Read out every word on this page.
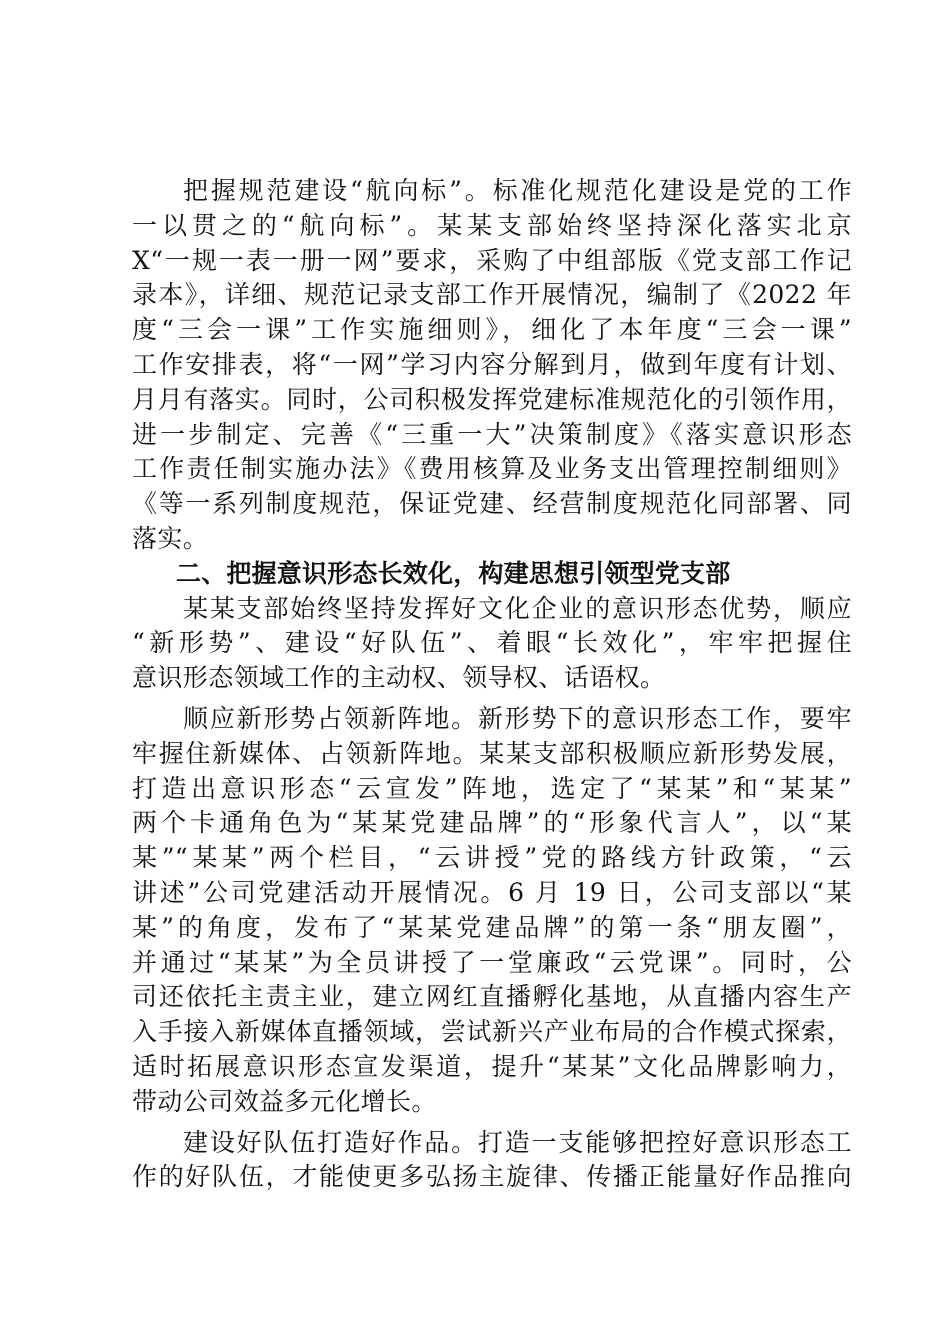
把握规范建设“航向标”。标准化规范化建设是党的工作
一以贯之的“航向标”。某某支部始终坚持深化落实北京
X“一规一表一册一网”要求，采购了中组部版《党支部工作记
录本》，详细、规范记录支部工作开展情况，编制了《2022 年
度“三会一课”工作实施细则》，细化了本年度“三会一课”
工作安排表，将“一网”学习内容分解到月，做到年度有计划、
月月有落实。同时，公司积极发挥党建标准规范化的引领作用，
进一步制定、完善《“三重一大”决策制度》《落实意识形态
工作责任制实施办法》《费用核算及业务支出管理控制细则》
《等一系列制度规范，保证党建、经营制度规范化同部署、同
落实。
二、把握意识形态长效化，构建思想引领型党支部
某某支部始终坚持发挥好文化企业的意识形态优势，顺应
“新形势”、建设“好队伍”、着眼“长效化”，牢牢把握住
意识形态领域工作的主动权、领导权、话语权。
顺应新形势占领新阵地。新形势下的意识形态工作，要牢
牢握住新媒体、占领新阵地。某某支部积极顺应新形势发展，
打造出意识形态“云宣发”阵地，选定了“某某”和“某某”
两个卡通角色为“某某党建品牌”的“形象代言人”，以“某
某”“某某”两个栏目，“云讲授”党的路线方针政策，“云
讲述”公司党建活动开展情况。6 月 19 日，公司支部以“某
某”的角度，发布了“某某党建品牌”的第一条“朋友圈”，
并通过“某某”为全员讲授了一堂廉政“云党课”。同时，公
司还依托主责主业，建立网红直播孵化基地，从直播内容生产
入手接入新媒体直播领域，尝试新兴产业布局的合作模式探索，
适时拓展意识形态宣发渠道，提升“某某”文化品牌影响力，
带动公司效益多元化增长。
建设好队伍打造好作品。打造一支能够把控好意识形态工
作的好队伍，才能使更多弘扬主旋律、传播正能量好作品推向
